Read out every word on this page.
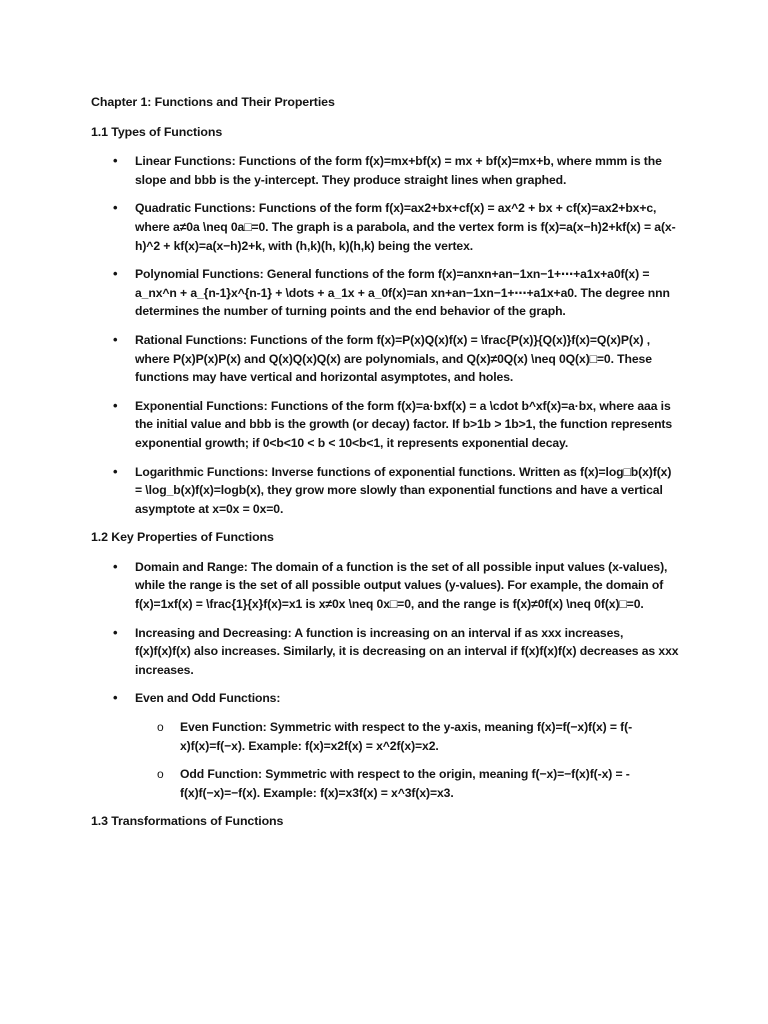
Chapter 1: Functions and Their Properties

1.1 Types of Functions

• Linear Functions: Functions of the form f(x)=mx+bf(x) = mx + bf(x)=mx+b, where mmm is the slope and bbb is the y-intercept. They produce straight lines when graphed.
• Quadratic Functions: Functions of the form f(x)=ax2+bx+cf(x) = ax^2 + bx + cf(x)=ax2+bx+c, where a≠0a \neq 0a□=0. The graph is a parabola, and the vertex form is f(x)=a(x−h)2+kf(x) = a(x-h)^2 + kf(x)=a(x−h)2+k, with (h,k)(h, k)(h,k) being the vertex.
• Polynomial Functions: General functions of the form f(x)=anxn+an−1xn−1+⋯+a1x+a0f(x) = a_nx^n + a_{n-1}x^{n-1} + \dots + a_1x + a_0f(x)=an xn+an−1xn−1+⋯+a1x+a0. The degree nnn determines the number of turning points and the end behavior of the graph.
• Rational Functions: Functions of the form f(x)=P(x)Q(x)f(x) = \frac{P(x)}{Q(x)}f(x)=Q(x)P(x) , where P(x)P(x)P(x) and Q(x)Q(x)Q(x) are polynomials, and Q(x)≠0Q(x) \neq 0Q(x)□=0. These functions may have vertical and horizontal asymptotes, and holes.
• Exponential Functions: Functions of the form f(x)=a·bxf(x) = a \cdot b^xf(x)=a·bx, where aaa is the initial value and bbb is the growth (or decay) factor. If b>1b > 1b>1, the function represents exponential growth; if 0<b<10 < b < 10<b<1, it represents exponential decay.
• Logarithmic Functions: Inverse functions of exponential functions. Written as f(x)=log□b(x)f(x) = \log_b(x)f(x)=logb(x), they grow more slowly than exponential functions and have a vertical asymptote at x=0x = 0x=0.

1.2 Key Properties of Functions

• Domain and Range: The domain of a function is the set of all possible input values (x-values), while the range is the set of all possible output values (y-values). For example, the domain of f(x)=1xf(x) = \frac{1}{x}f(x)=x1 is x≠0x \neq 0x□=0, and the range is f(x)≠0f(x) \neq 0f(x)□=0.
• Increasing and Decreasing: A function is increasing on an interval if as xxx increases, f(x)f(x)f(x) also increases. Similarly, it is decreasing on an interval if f(x)f(x)f(x) decreases as xxx increases.
• Even and Odd Functions:
o Even Function: Symmetric with respect to the y-axis, meaning f(x)=f(−x)f(x) = f(-x)f(x)=f(−x). Example: f(x)=x2f(x) = x^2f(x)=x2.
o Odd Function: Symmetric with respect to the origin, meaning f(−x)=−f(x)f(-x) = -f(x)f(−x)=−f(x). Example: f(x)=x3f(x) = x^3f(x)=x3.

1.3 Transformations of Functions
